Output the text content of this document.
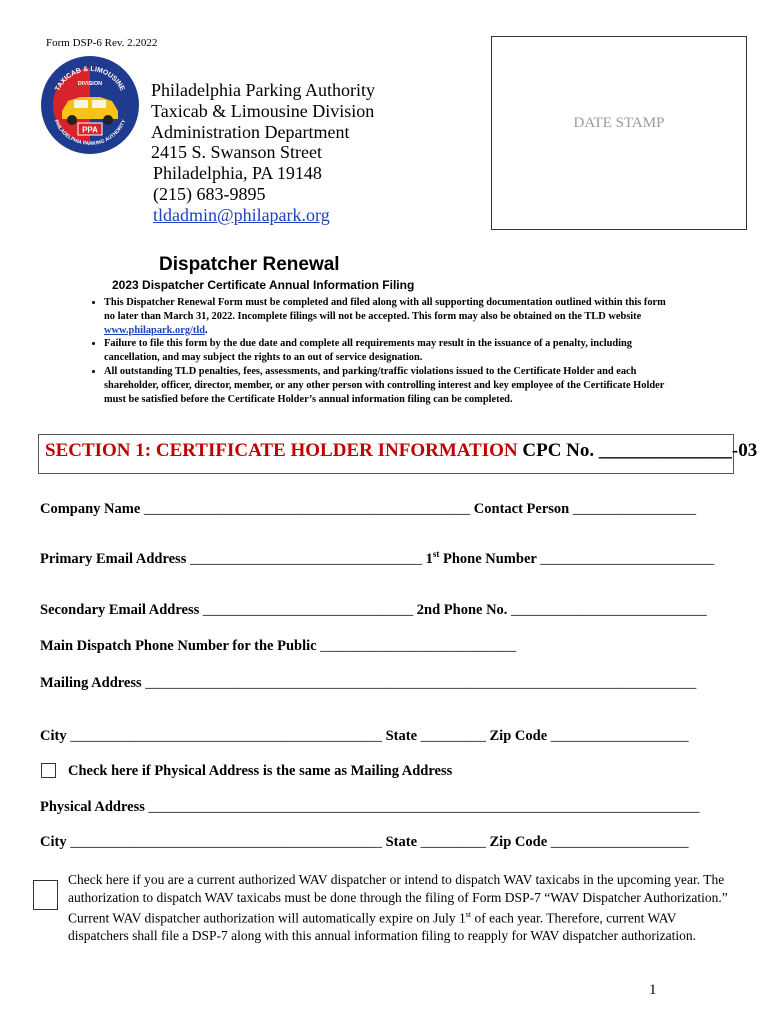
Form DSP-6 Rev. 2.2022
PPA
TAXICAB & LIMOUSINE
DIVISION
PHILADELPHIA PARKING AUTHORITY
Philadelphia Parking Authority
Taxicab & Limousine Division
Administration Department
2415 S. Swanson Street
Philadelphia, PA 19148
(215) 683-9895
tldadmin@philapark.org
DATE STAMP
Dispatcher Renewal
2023 Dispatcher Certificate Annual Information Filing
• This Dispatcher Renewal Form must be completed and filed along with all supporting documentation outlined within this form no later than March 31, 2022. Incomplete filings will not be accepted. This form may also be obtained on the TLD website www.philapark.org/tld.
• Failure to file this form by the due date and complete all requirements may result in the issuance of a penalty, including cancellation, and may subject the rights to an out of service designation.
• All outstanding TLD penalties, fees, assessments, and parking/traffic violations issued to the Certificate Holder and each shareholder, officer, director, member, or any other person with controlling interest and key employee of the Certificate Holder must be satisfied before the Certificate Holder’s annual information filing can be completed.
SECTION 1: CERTIFICATE HOLDER INFORMATION CPC No. ______________-03
Company Name _____________________________________________ Contact Person _________________
Primary Email Address ________________________________ 1st Phone Number ________________________
Secondary Email Address _____________________________ 2nd Phone No. ___________________________
Main Dispatch Phone Number for the Public ___________________________
Mailing Address ____________________________________________________________________________
City ___________________________________________ State _________ Zip Code ___________________
Check here if Physical Address is the same as Mailing Address
Physical Address ____________________________________________________________________________
City ___________________________________________ State _________ Zip Code ___________________
Check here if you are a current authorized WAV dispatcher or intend to dispatch WAV taxicabs in the upcoming year. The authorization to dispatch WAV taxicabs must be done through the filing of Form DSP-7 “WAV Dispatcher Authorization.” Current WAV dispatcher authorization will automatically expire on July 1st of each year. Therefore, current WAV dispatchers shall file a DSP-7 along with this annual information filing to reapply for WAV dispatcher authorization.
1
